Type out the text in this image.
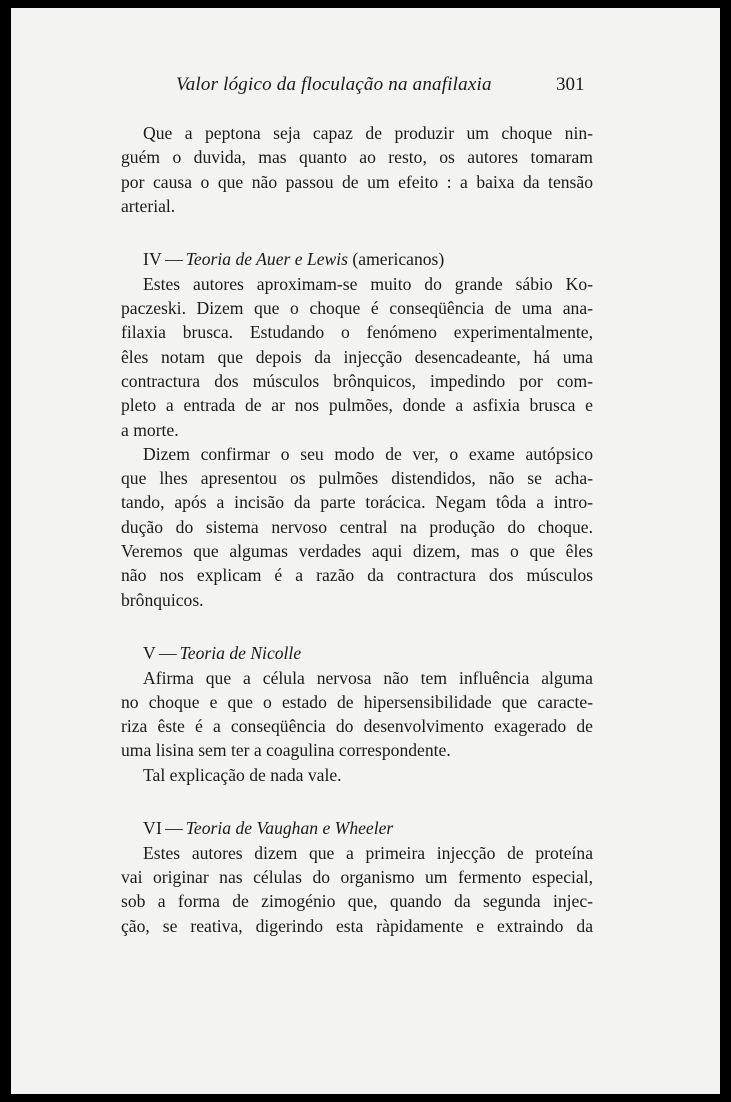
Valor lógico da floculação na anafilaxia	301

Que a peptona seja capaz de produzir um choque nin-
guém o duvida, mas quanto ao resto, os autores tomaram
por causa o que não passou de um efeito : a baixa da tensão
arterial.

IV — Teoria de Auer e Lewis (americanos)

Estes autores aproximam-se muito do grande sábio Ko-
paczeski. Dizem que o choque é conseqüência de uma ana-
filaxia brusca. Estudando o fenómeno experimentalmente,
êles notam que depois da injecção desencadeante, há uma
contractura dos músculos brônquicos, impedindo por com-
pleto a entrada de ar nos pulmões, donde a asfixia brusca e
a morte.

Dizem confirmar o seu modo de ver, o exame autópsico
que lhes apresentou os pulmões distendidos, não se acha-
tando, após a incisão da parte torácica. Negam tôda a intro-
dução do sistema nervoso central na produção do choque.
Veremos que algumas verdades aqui dizem, mas o que êles
não nos explicam é a razão da contractura dos músculos
brônquicos.

V — Teoria de Nicolle

Afirma que a célula nervosa não tem influência alguma
no choque e que o estado de hipersensibilidade que caracte-
riza êste é a conseqüência do desenvolvimento exagerado de
uma lisina sem ter a coagulina correspondente.

Tal explicação de nada vale.

VI — Teoria de Vaughan e Wheeler

Estes autores dizem que a primeira injecção de proteína
vai originar nas células do organismo um fermento especial,
sob a forma de zimogénio que, quando da segunda injec-
ção, se reativa, digerindo esta ràpidamente e extraindo da
